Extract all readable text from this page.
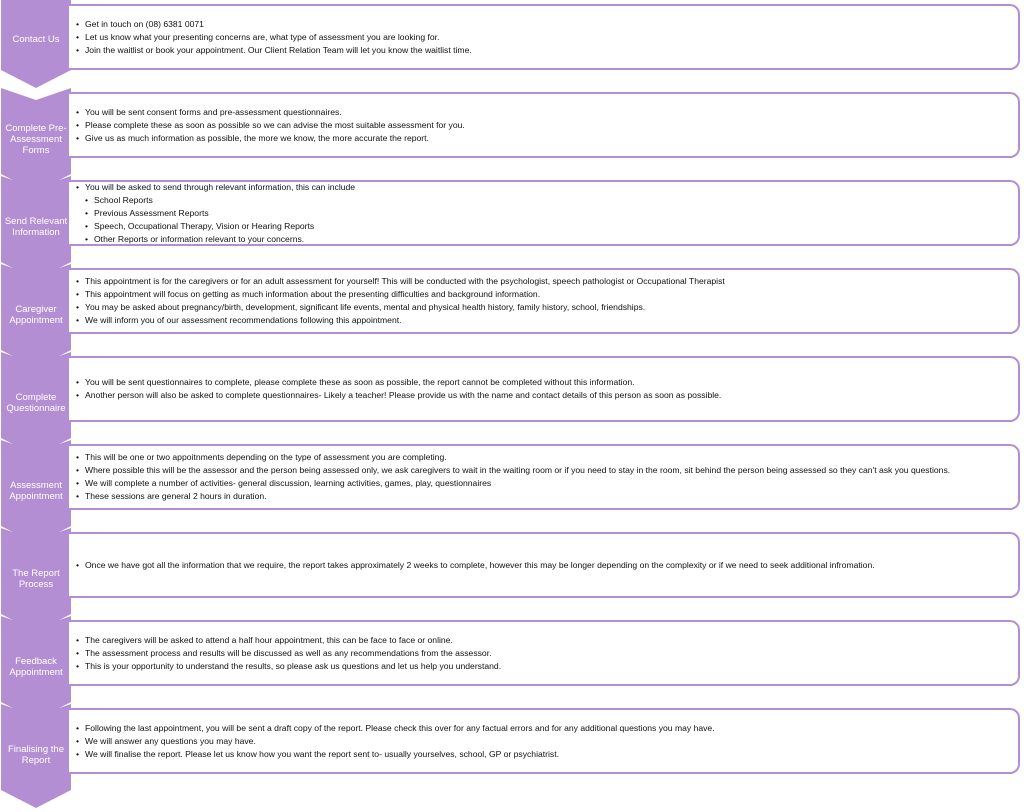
Contact Us
• Get in touch on (08) 6381 0071
• Let us know what your presenting concerns are, what type of assessment you are looking for.
• Join the waitlist or book your appointment. Our Client Relation Team will let you know the waitlist time.
Complete Pre-Assessment Forms
• You will be sent consent forms and pre-assessment questionnaires.
• Please complete these as soon as possible so we can advise the most suitable assessment for you.
• Give us as much information as possible, the more we know, the more accurate the report.
Send Relevant Information
• You will be asked to send through relevant information, this can include
• School Reports
• Previous Assessment Reports
• Speech, Occupational Therapy, Vision or Hearing Reports
• Other Reports or information relevant to your concerns.
Caregiver Appointment
• This appointment is for the caregivers or for an adult assessment for yourself! This will be conducted with the psychologist, speech pathologist or Occupational Therapist
• This appointment will focus on getting as much information about the presenting difficulties and background information.
• You may be asked about pregnancy/birth, development, significant life events, mental and physical health history, family history, school, friendships.
• We will inform you of our assessment recommendations following this appointment.
Complete Questionnaire
• You will be sent questionnaires to complete, please complete these as soon as possible, the report cannot be completed without this information.
• Another person will also be asked to complete questionnaires- Likely a teacher! Please provide us with the name and contact details of this person as soon as possible.
Assessment Appointment
• This will be one or two appoitnments depending on the type of assessment you are completing.
• Where possible this will be the assessor and the person being assessed only, we ask caregivers to wait in the waiting room or if you need to stay in the room, sit behind the person being assessed so they can't ask you questions.
• We will complete a number of activities- general discussion, learning activities, games, play, questionnaires
• These sessions are general 2 hours in duration.
The Report Process
• Once we have got all the information that we require, the report takes approximately 2 weeks to complete, however this may be longer depending on the complexity or if we need to seek additional infromation.
Feedback Appointment
• The caregivers will be asked to attend a half hour appointment, this can be face to face or online.
• The assessment process and results will be discussed as well as any recommendations from the assessor.
• This is your opportunity to understand the results, so please ask us questions and let us help you understand.
Finalising the Report
• Following the last appointment, you will be sent a draft copy of the report. Please check this over for any factual errors and for any additional questions you may have.
• We will answer any questions you may have.
• We will finalise the report. Please let us know how you want the report sent to- usually yourselves, school, GP or psychiatrist.
